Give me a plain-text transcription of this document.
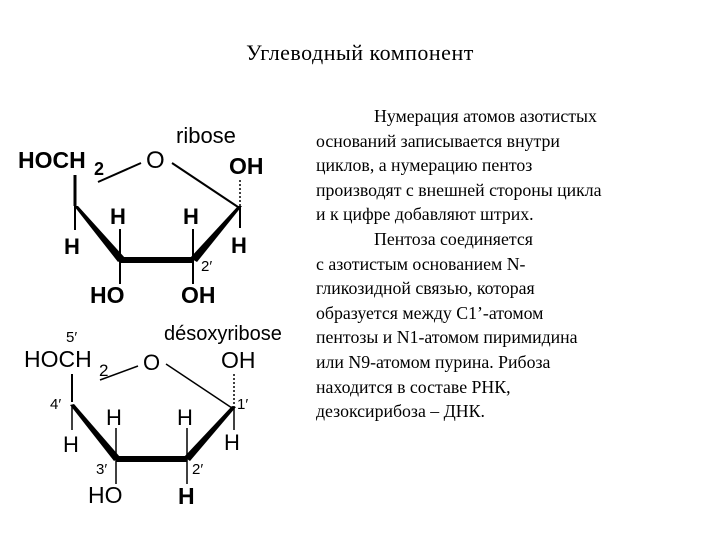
Углеводный компонент
ribose
HOCH 2 O	OH
H
H	H
H
2′
HO OH
désoxyribose
5′
HOCH 2 O	OH
4′	1′
H
H	H
H
3′	2′
HO H

Нумерация атомов азотистых

оснований записывается внутри

циклов, а нумерацию пентоз

производят с внешней стороны цикла

и к цифре добавляют штрих.

Пентоза соединяется

с азотистым основанием N-

гликозидной связью, которая

образуется между С1’-атомом

пентозы и N1-атомом пиримидина

или N9-атомом пурина. Рибоза

находится в составе РНК,

дезоксирибоза – ДНК.
